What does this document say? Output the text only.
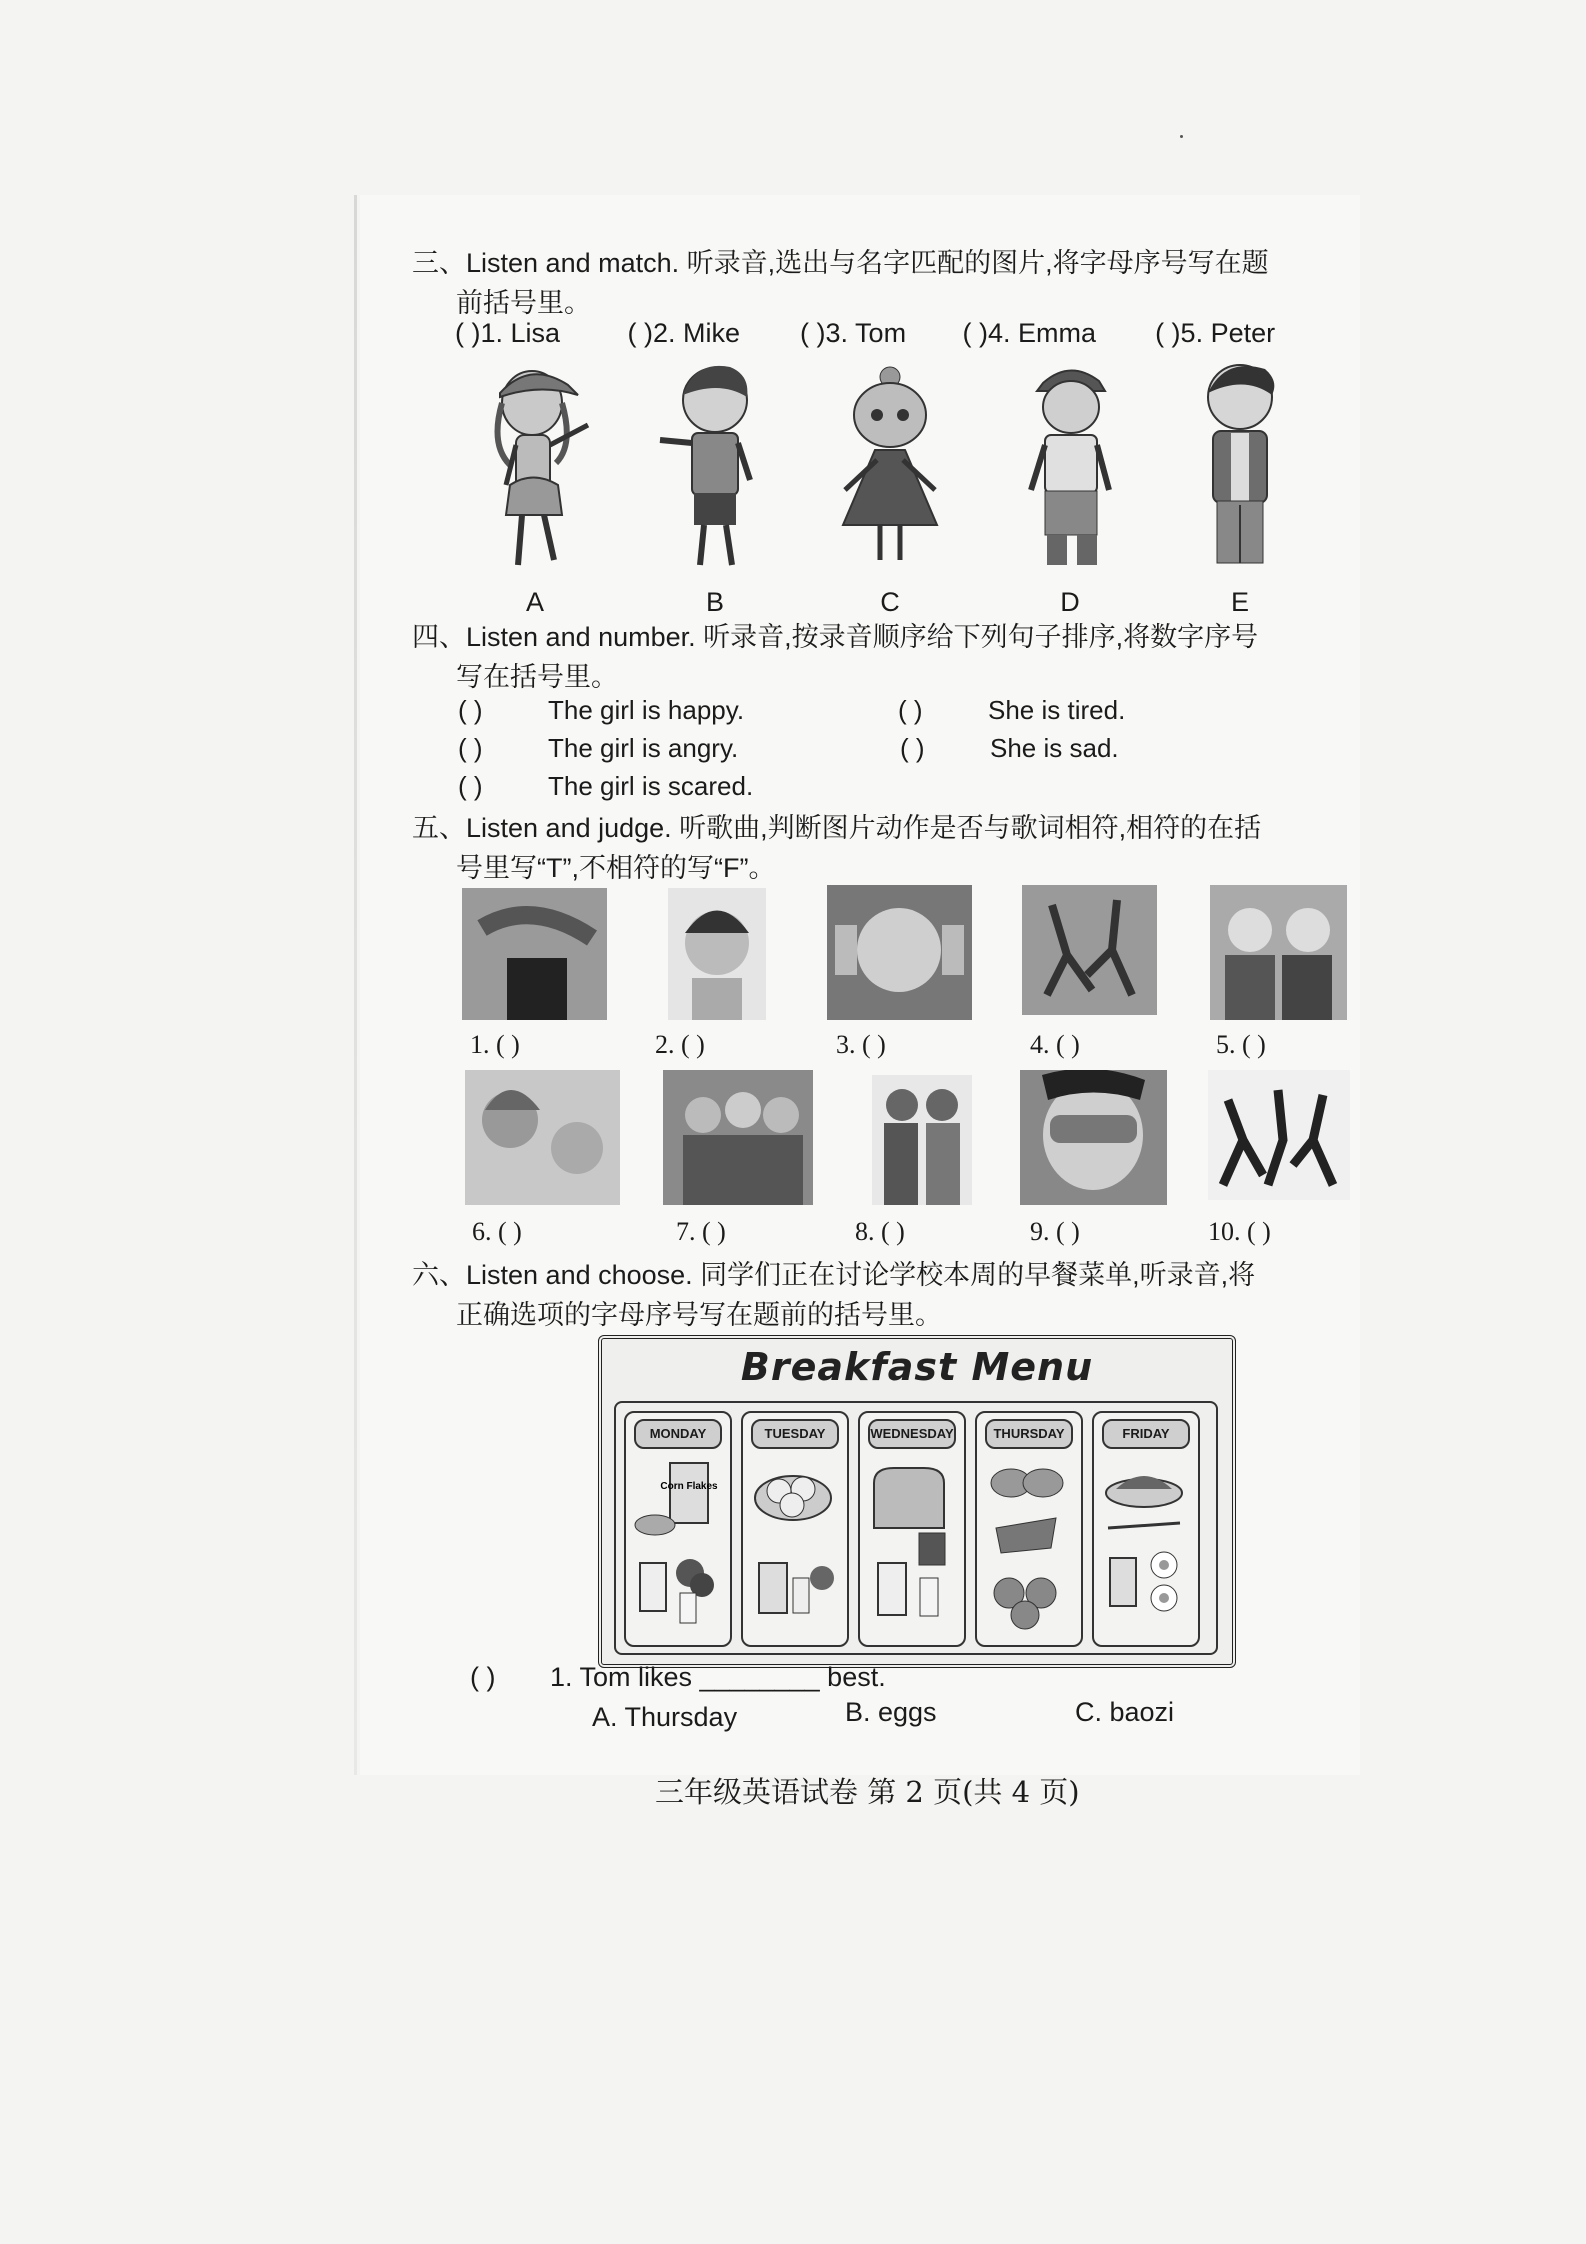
三、Listen and match. 听录音,选出与名字匹配的图片,将字母序号写在题
前括号里。
( )1. Lisa ( )2. Mike ( )3. Tom ( )4. Emma ( )5. Peter
A	B	C	D	E
四、Listen and number. 听录音,按录音顺序给下列句子排序,将数字序号
写在括号里。
( )	The girl is happy.	( )	She is tired.
( )	The girl is angry.	( )	She is sad.
( )	The girl is scared.
五、Listen and judge. 听歌曲,判断图片动作是否与歌词相符,相符的在括
号里写“T”,不相符的写“F”。
1. ( )	2. ( )	3. ( )	4. ( )	5. ( )
6. ( )	7. ( )	8. ( )	9. ( )	10. ( )
六、Listen and choose. 同学们正在讨论学校本周的早餐菜单,听录音,将
正确选项的字母序号写在题前的括号里。
Breakfast Menu
MONDAY
Corn Flakes
TUESDAY	WEDNESDAY	THURSDAY	FRIDAY
( ) 1. Tom likes ________ best.
A. Thursday	B. eggs	C. baozi
三年级英语试卷 第 2 页(共 4 页)
